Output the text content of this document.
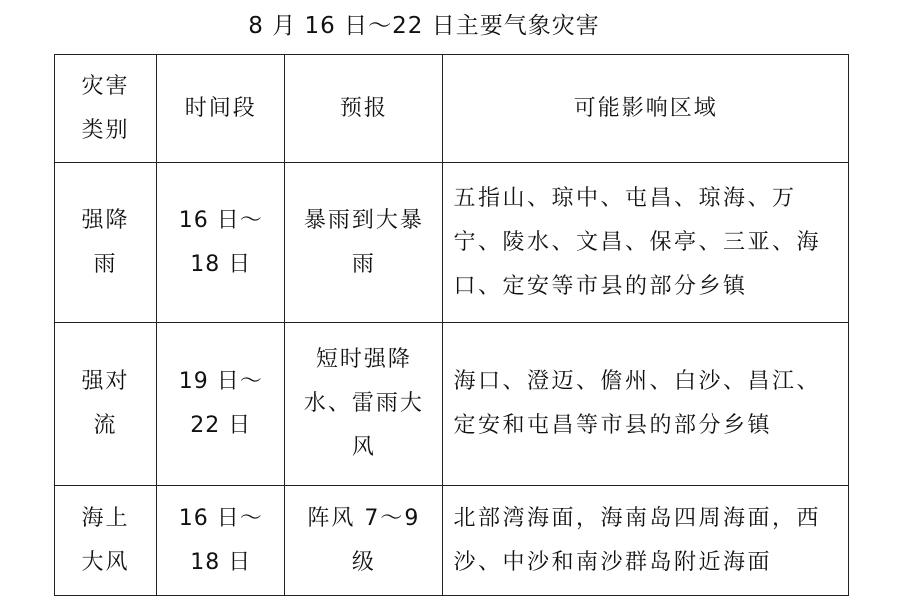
8 月 16 日～22 日主要气象灾害
灾害类别	时间段	预报	可能影响区域

强降雨	16 日～18 日	暴雨到大暴雨	五指山、琼中、屯昌、琼海、万宁、陵水、文昌、保亭、三亚、海口、定安等市县的部分乡镇

强对流	19 日～22 日	短时强降水、雷雨大风	海口、澄迈、儋州、白沙、昌江、定安和屯昌等市县的部分乡镇

海上大风	16 日～18 日	阵风 7～9 级	北部湾海面，海南岛四周海面，西沙、中沙和南沙群岛附近海面
